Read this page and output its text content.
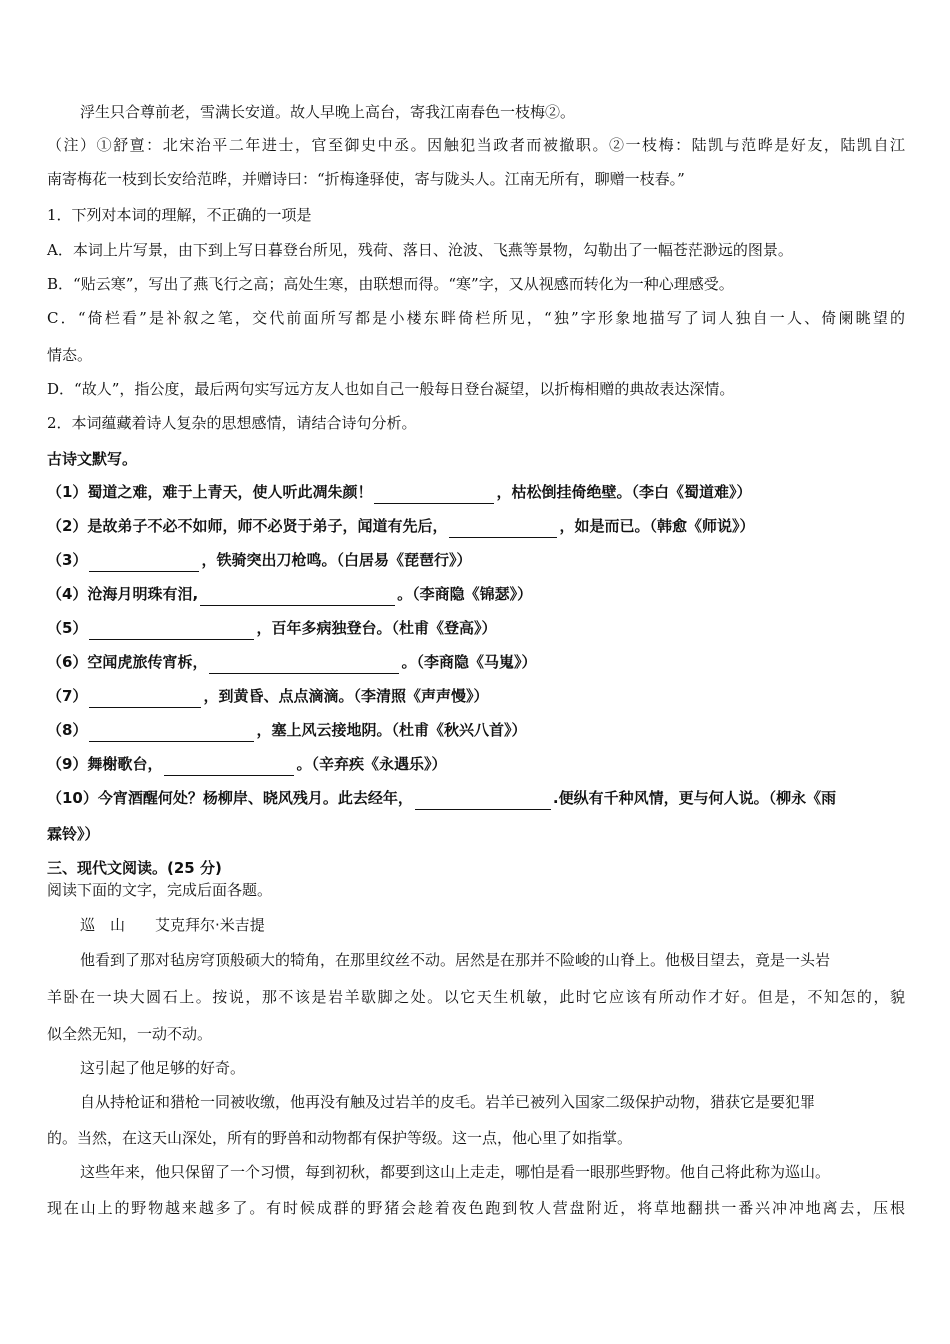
浮生只合尊前老，雪满长安道。故人早晚上高台，寄我江南春色一枝梅②。
（注）①舒亶：北宋治平二年进士，官至御史中丞。因触犯当政者而被撤职。②一枝梅：陆凯与范晔是好友，陆凯自江
南寄梅花一枝到长安给范晔，并赠诗曰：“折梅逢驿使，寄与陇头人。江南无所有，聊赠一枝春。”
1．下列对本词的理解，不正确的一项是
A．本词上片写景，由下到上写日暮登台所见，残荷、落日、沧波、飞燕等景物，勾勒出了一幅苍茫渺远的图景。
B．“贴云寒”，写出了燕飞行之高；高处生寒，由联想而得。“寒”字，又从视感而转化为一种心理感受。
C．“倚栏看”是补叙之笔，交代前面所写都是小楼东畔倚栏所见，“独”字形象地描写了词人独自一人、倚阑眺望的
情态。
D．“故人”，指公度，最后两句实写远方友人也如自己一般每日登台凝望，以折梅相赠的典故表达深情。
2．本词蕴藏着诗人复杂的思想感情，请结合诗句分析。
古诗文默写。
（1）蜀道之难，难于上青天，使人听此凋朱颜！	，枯松倒挂倚绝壁。（李白《蜀道难》）
（2）是故弟子不必不如师，师不必贤于弟子，闻道有先后，	，如是而已。（韩愈《师说》）
（3）	，铁骑突出刀枪鸣。（白居易《琵琶行》）
（4）沧海月明珠有泪,	。（李商隐《锦瑟》）
（5）	，百年多病独登台。（杜甫《登高》）
（6）空闻虎旅传宵柝，	。（李商隐《马嵬》）
（7）	，到黄昏、点点滴滴。（李清照《声声慢》）
（8）	，塞上风云接地阴。（杜甫《秋兴八首》）
（9）舞榭歌台，	。（辛弃疾《永遇乐》）
（10）今宵酒醒何处？杨柳岸、晓风残月。此去经年，	.便纵有千种风情，更与何人说。（柳永《雨
霖铃》）
三、现代文阅读。(25 分)
阅读下面的文字，完成后面各题。
巡　山　　艾克拜尔·米吉提
他看到了那对毡房穹顶般硕大的犄角，在那里纹丝不动。居然是在那并不险峻的山脊上。他极目望去，竟是一头岩
羊卧在一块大圆石上。按说，那不该是岩羊歇脚之处。以它天生机敏，此时它应该有所动作才好。但是，不知怎的，貌
似全然无知，一动不动。
这引起了他足够的好奇。
自从持枪证和猎枪一同被收缴，他再没有触及过岩羊的皮毛。岩羊已被列入国家二级保护动物，猎获它是要犯罪
的。当然，在这天山深处，所有的野兽和动物都有保护等级。这一点，他心里了如指掌。
这些年来，他只保留了一个习惯，每到初秋，都要到这山上走走，哪怕是看一眼那些野物。他自己将此称为巡山。
现在山上的野物越来越多了。有时候成群的野猪会趁着夜色跑到牧人营盘附近，将草地翻拱一番兴冲冲地离去，压根
